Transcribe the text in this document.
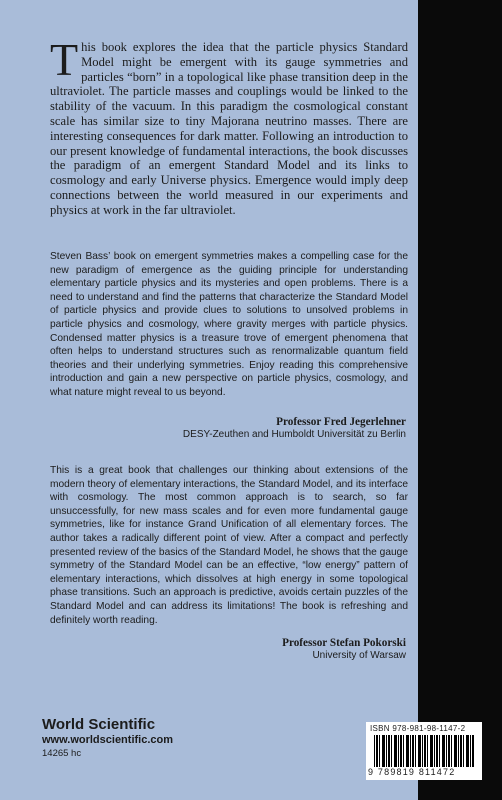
This book explores the idea that the particle physics Standard Model might be emergent with its gauge symmetries and particles “born” in a topological like phase transition deep in the ultraviolet. The particle masses and couplings would be linked to the stability of the vacuum. In this paradigm the cosmological constant scale has similar size to tiny Majorana neutrino masses. There are interesting consequences for dark matter. Following an introduction to our present knowledge of fundamental interactions, the book discusses the paradigm of an emergent Standard Model and its links to cosmology and early Universe physics. Emergence would imply deep connections between the world measured in our experiments and physics at work in the far ultraviolet.

Steven Bass’ book on emergent symmetries makes a compelling case for the new paradigm of emergence as the guiding principle for understanding elementary particle physics and its mysteries and open problems. There is a need to understand and find the patterns that characterize the Standard Model of particle physics and provide clues to solutions to unsolved problems in particle physics and cosmology, where gravity merges with particle physics. Condensed matter physics is a treasure trove of emergent phenomena that often helps to understand structures such as renormalizable quantum field theories and their underlying symmetries. Enjoy reading this comprehensive introduction and gain a new perspective on particle physics, cosmology, and what nature might reveal to us beyond.

Professor Fred Jegerlehner
DESY-Zeuthen and Humboldt Universität zu Berlin

This is a great book that challenges our thinking about extensions of the modern theory of elementary interactions, the Standard Model, and its interface with cosmology. The most common approach is to search, so far unsuccessfully, for new mass scales and for even more fundamental gauge symmetries, like for instance Grand Unification of all elementary forces. The author takes a radically different point of view. After a compact and perfectly presented review of the basics of the Standard Model, he shows that the gauge symmetry of the Standard Model can be an effective, “low energy” pattern of elementary interactions, which dissolves at high energy in some topological phase transitions. Such an approach is predictive, avoids certain puzzles of the Standard Model and can address its limitations! The book is refreshing and definitely worth reading.

Professor Stefan Pokorski
University of Warsaw
World Scientific
www.worldscientific.com
14265 hc
ISBN 978-981-98-1147-2
9 789819 811472
